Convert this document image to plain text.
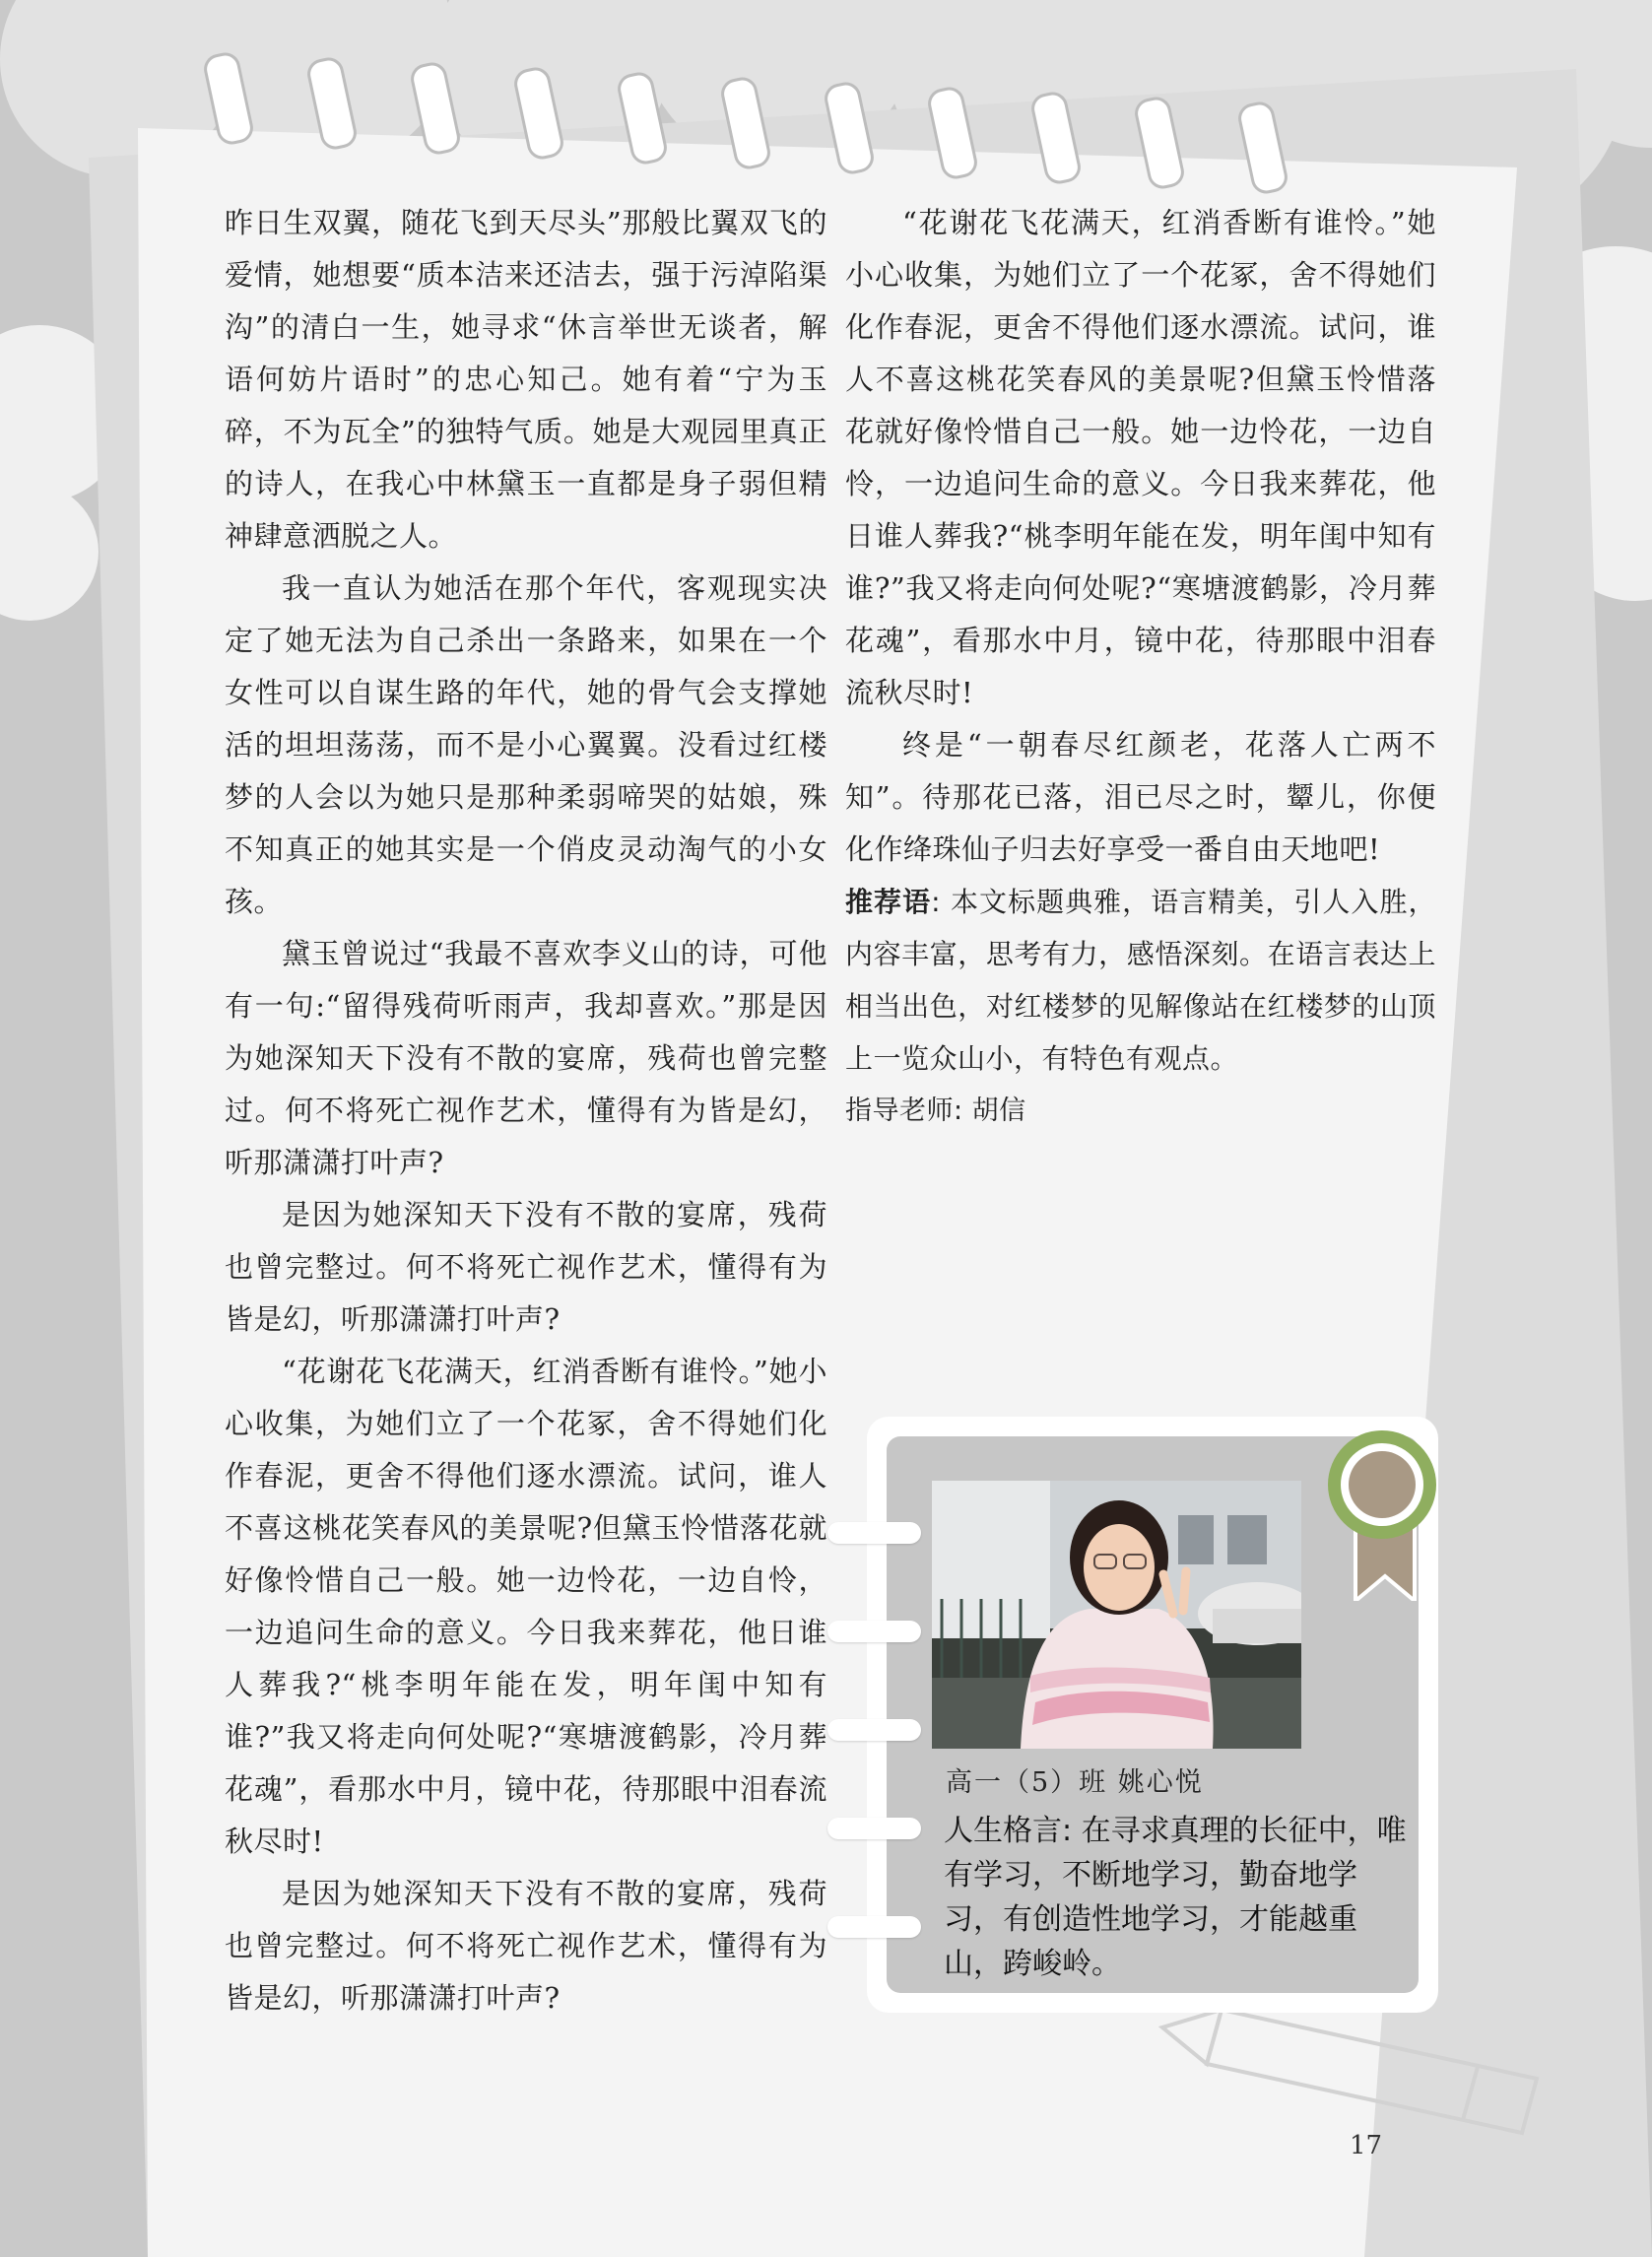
昨日生双翼，随花飞到天尽头”那般比翼双飞的爱情，她想要“质本洁来还洁去，强于污淖陷渠沟”的清白一生，她寻求“休言举世无谈者，解语何妨片语时”的忠心知己。她有着“宁为玉碎，不为瓦全”的独特气质。她是大观园里真正的诗人，在我心中林黛玉一直都是身子弱但精神肆意洒脱之人。

我一直认为她活在那个年代，客观现实决定了她无法为自己杀出一条路来，如果在一个女性可以自谋生路的年代，她的骨气会支撑她活的坦坦荡荡，而不是小心翼翼。没看过红楼梦的人会以为她只是那种柔弱啼哭的姑娘，殊不知真正的她其实是一个俏皮灵动淘气的小女孩。

黛玉曾说过“我最不喜欢李义山的诗，可他有一句:“留得残荷听雨声，我却喜欢。”那是因为她深知天下没有不散的宴席，残荷也曾完整过。何不将死亡视作艺术，懂得有为皆是幻，听那潇潇打叶声?

是因为她深知天下没有不散的宴席，残荷也曾完整过。何不将死亡视作艺术，懂得有为皆是幻，听那潇潇打叶声?

“花谢花飞花满天，红消香断有谁怜。”她小心收集，为她们立了一个花冢，舍不得她们化作春泥，更舍不得他们逐水漂流。试问，谁人不喜这桃花笑春风的美景呢?但黛玉怜惜落花就好像怜惜自己一般。她一边怜花，一边自怜，一边追问生命的意义。今日我来葬花，他日谁人葬我?“桃李明年能在发，明年闺中知有谁?”我又将走向何处呢?“寒塘渡鹤影，冷月葬花魂”，看那水中月，镜中花，待那眼中泪春流秋尽时!

是因为她深知天下没有不散的宴席，残荷也曾完整过。何不将死亡视作艺术，懂得有为皆是幻，听那潇潇打叶声?

“花谢花飞花满天，红消香断有谁怜。”她小心收集，为她们立了一个花冢，舍不得她们化作春泥，更舍不得他们逐水漂流。试问，谁人不喜这桃花笑春风的美景呢?但黛玉怜惜落花就好像怜惜自己一般。她一边怜花，一边自怜，一边追问生命的意义。今日我来葬花，他日谁人葬我?“桃李明年能在发，明年闺中知有谁?”我又将走向何处呢?“寒塘渡鹤影，冷月葬花魂”，看那水中月，镜中花，待那眼中泪春流秋尽时!

终是“一朝春尽红颜老，花落人亡两不知”。待那花已落，泪已尽之时，颦儿，你便化作绛珠仙子归去好享受一番自由天地吧!

推荐语: 本文标题典雅，语言精美，引人入胜，内容丰富，思考有力，感悟深刻。在语言表达上相当出色，对红楼梦的见解像站在红楼梦的山顶上一览众山小，有特色有观点。

指导老师: 胡信

高一（5）班 姚心悦
人生格言: 在寻求真理的长征中，唯有学习，不断地学习，勤奋地学习，有创造性地学习，才能越重山，跨峻岭。
17
